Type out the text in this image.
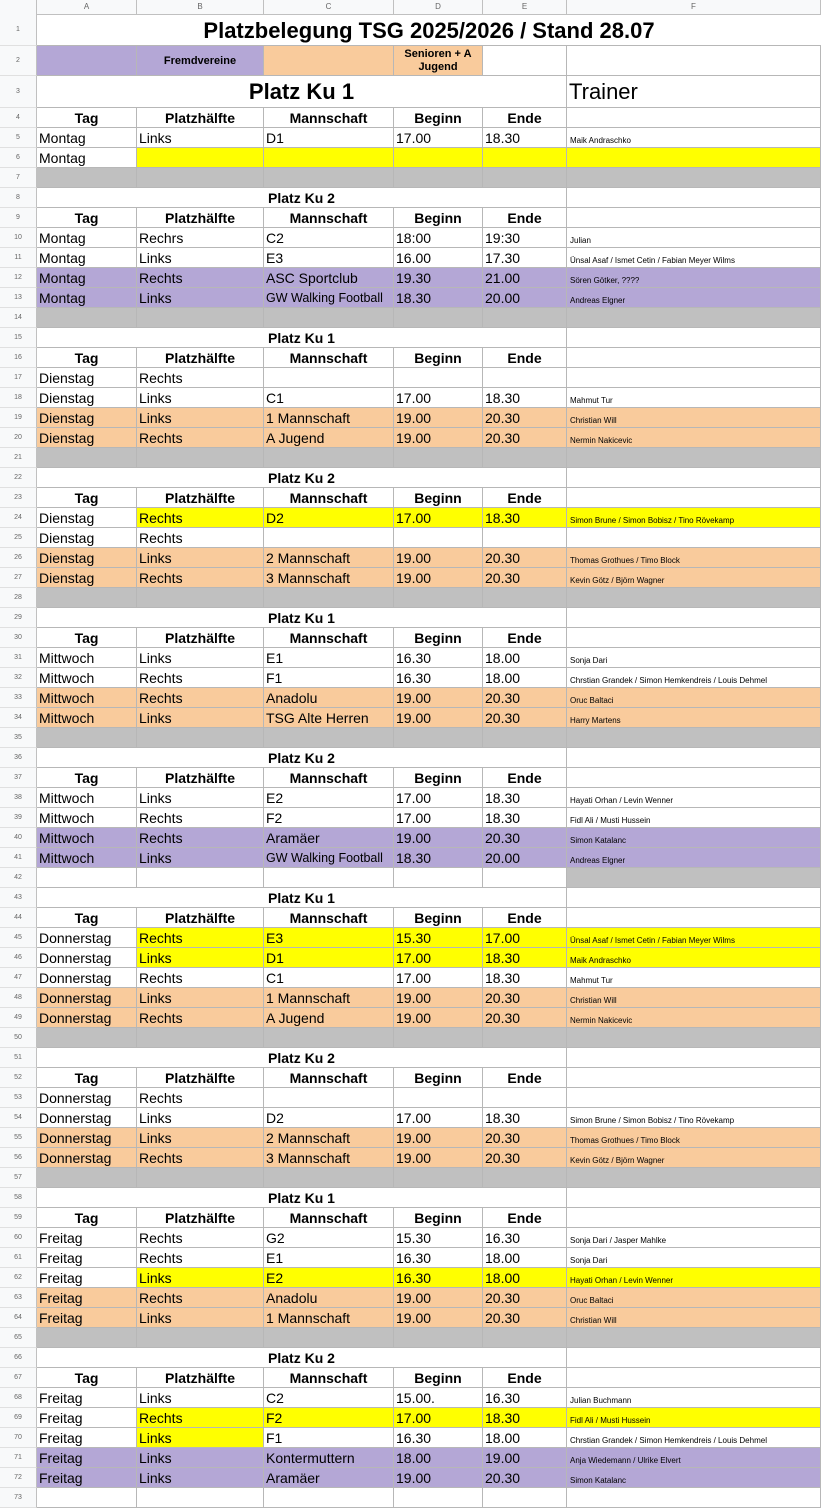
A	B	C	D	E	F
1	Platzbelegung TSG 2025/2026 / Stand 28.07
2	Fremdvereine
Senioren + A Jugend
3	Platz Ku 1	Trainer
4	Tag	Platzhälfte	Mannschaft	Beginn	Ende
5	Montag	Links	D1	17.00	18.30	Maik Andraschko
6	Montag
7
8	Platz Ku 2
9	Tag	Platzhälfte	Mannschaft	Beginn	Ende
10	Montag	Rechrs	C2	18:00	19:30	Julian
11	Montag	Links	E3	16.00	17.30	Ünsal Asaf / Ismet Cetin / Fabian Meyer Wilms
12	Montag	Rechts	ASC Sportclub	19.30	21.00	Sören Götker, ????
13	Montag	Links	GW Walking Football 18.30	20.00	Andreas Elgner
14
15	Platz Ku 1
16	Tag	Platzhälfte	Mannschaft	Beginn	Ende
17	Dienstag	Rechts
18	Dienstag	Links	C1	17.00	18.30	Mahmut Tur
19	Dienstag	Links	1 Mannschaft	19.00	20.30	Christian Will
20	Dienstag	Rechts	A Jugend	19.00	20.30	Nermin Nakicevic
21
22	Platz Ku 2
23	Tag	Platzhälfte	Mannschaft	Beginn	Ende
24	Dienstag	Rechts	D2	17.00	18.30	Simon Brune / Simon Bobisz / Tino Rövekamp
25	Dienstag	Rechts
26	Dienstag	Links	2 Mannschaft	19.00	20.30	Thomas Grothues / Timo Block
27	Dienstag	Rechts	3 Mannschaft	19.00	20.30	Kevin Götz / Björn Wagner
28
29	Platz Ku 1
30	Tag	Platzhälfte	Mannschaft	Beginn	Ende
31	Mittwoch	Links	E1	16.30	18.00	Sonja Dari
32	Mittwoch	Rechts	F1	16.30	18.00	Chrstian Grandek / Simon Hemkendreis / Louis Dehmel
33	Mittwoch	Rechts	Anadolu	19.00	20.30	Oruc Baltaci
34	Mittwoch	Links	TSG Alte Herren	19.00	20.30	Harry Martens
35
36	Platz Ku 2
37	Tag	Platzhälfte	Mannschaft	Beginn	Ende
38	Mittwoch	Links	E2	17.00	18.30	Hayati Orhan / Levin Wenner
39	Mittwoch	Rechts	F2	17.00	18.30	Fidl Ali / Musti Hussein
40	Mittwoch	Rechts	Aramäer	19.00	20.30	Simon Katalanc
41	Mittwoch	Links	GW Walking Football 18.30	20.00	Andreas Elgner
42
43	Platz Ku 1
44	Tag	Platzhälfte	Mannschaft	Beginn	Ende
45	Donnerstag	Rechts	E3	15.30	17.00	Ünsal Asaf / Ismet Cetin / Fabian Meyer Wilms
46	Donnerstag	Links	D1	17.00	18.30	Maik Andraschko
47	Donnerstag	Rechts	C1	17.00	18.30	Mahmut Tur
48	Donnerstag	Links	1 Mannschaft	19.00	20.30	Christian Will
49	Donnerstag	Rechts	A Jugend	19.00	20.30	Nermin Nakicevic
50
51	Platz Ku 2
52	Tag	Platzhälfte	Mannschaft	Beginn	Ende
53	Donnerstag	Rechts
54	Donnerstag	Links	D2	17.00	18.30	Simon Brune / Simon Bobisz / Tino Rövekamp
55	Donnerstag	Links	2 Mannschaft	19.00	20.30	Thomas Grothues / Timo Block
56	Donnerstag	Rechts	3 Mannschaft	19.00	20.30	Kevin Götz / Björn Wagner
57
58	Platz Ku 1
59	Tag	Platzhälfte	Mannschaft	Beginn	Ende
60	Freitag	Rechts	G2	15.30	16.30	Sonja Dari / Jasper Mahlke
61	Freitag	Rechts	E1	16.30	18.00	Sonja Dari
62	Freitag	Links	E2	16.30	18.00	Hayati Orhan / Levin Wenner
63	Freitag	Rechts	Anadolu	19.00	20.30	Oruc Baltaci
64	Freitag	Links	1 Mannschaft	19.00	20.30	Christian Will
65
66	Platz Ku 2
67	Tag	Platzhälfte	Mannschaft	Beginn	Ende
68	Freitag	Links	C2	15.00.	16.30	Julian Buchmann
69	Freitag	Rechts	F2	17.00	18.30	Fidl Ali / Musti Hussein
70	Freitag	Links	F1	16.30	18.00	Chrstian Grandek / Simon Hemkendreis / Louis Dehmel
71	Freitag	Links	Kontermuttern	18.00	19.00	Anja Wiedemann / Ulrike Elvert
72	Freitag	Links	Aramäer	19.00	20.30	Simon Katalanc
73
